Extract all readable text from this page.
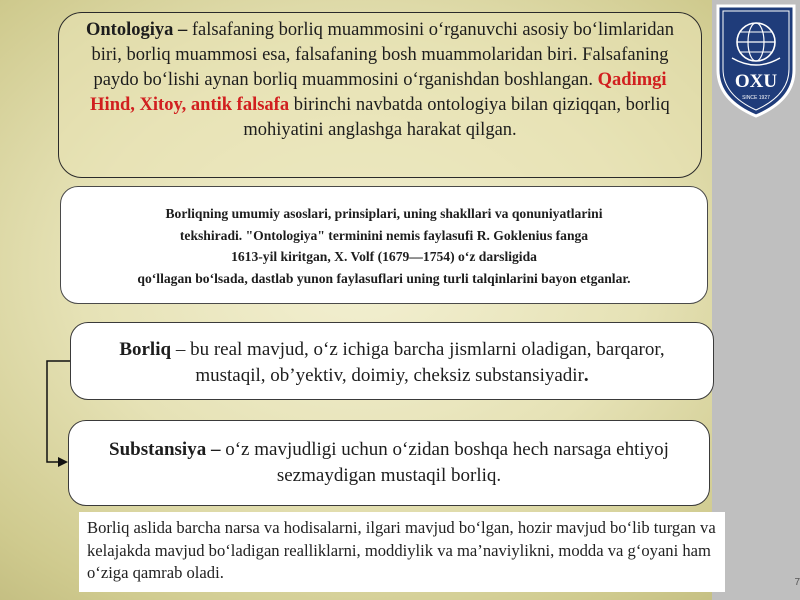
OXU
SINCE 1927
Ontologiya – falsafaning borliq muammosini o‘rganuvchi asosiy bo‘limlaridan biri, borliq muammosi esa, falsafaning bosh muammolaridan biri. Falsafaning paydo bo‘lishi aynan borliq muammosini o‘rganishdan boshlangan. Qadimgi Hind, Xitoy, antik falsafa birinchi navbatda ontologiya bilan qiziqqan, borliq mohiyatini anglashga harakat qilgan.
Borliqning umumiy asoslari, prinsiplari, uning shakllari va qonuniyatlarini
tekshiradi. "Ontologiya" terminini nemis faylasufi R. Goklenius fanga
1613-yil kiritgan, X. Volf (1679—1754) o‘z darsligida
qo‘llagan bo‘lsada, dastlab yunon faylasuflari uning turli talqinlarini bayon etganlar.
Borliq – bu real mavjud, o‘z ichiga barcha jismlarni oladigan, barqaror, mustaqil, ob’yektiv, doimiy, cheksiz substansiyadir.
Substansiya – o‘z mavjudligi uchun o‘zidan boshqa hech narsaga ehtiyoj sezmaydigan mustaqil borliq.
Borliq aslida barcha narsa va hodisalarni, ilgari mavjud bo‘lgan, hozir mavjud bo‘lib turgan va kelajakda mavjud bo‘ladigan realliklarni, moddiylik va ma’naviylikni, modda va g‘oyani ham o‘ziga qamrab oladi.
7
